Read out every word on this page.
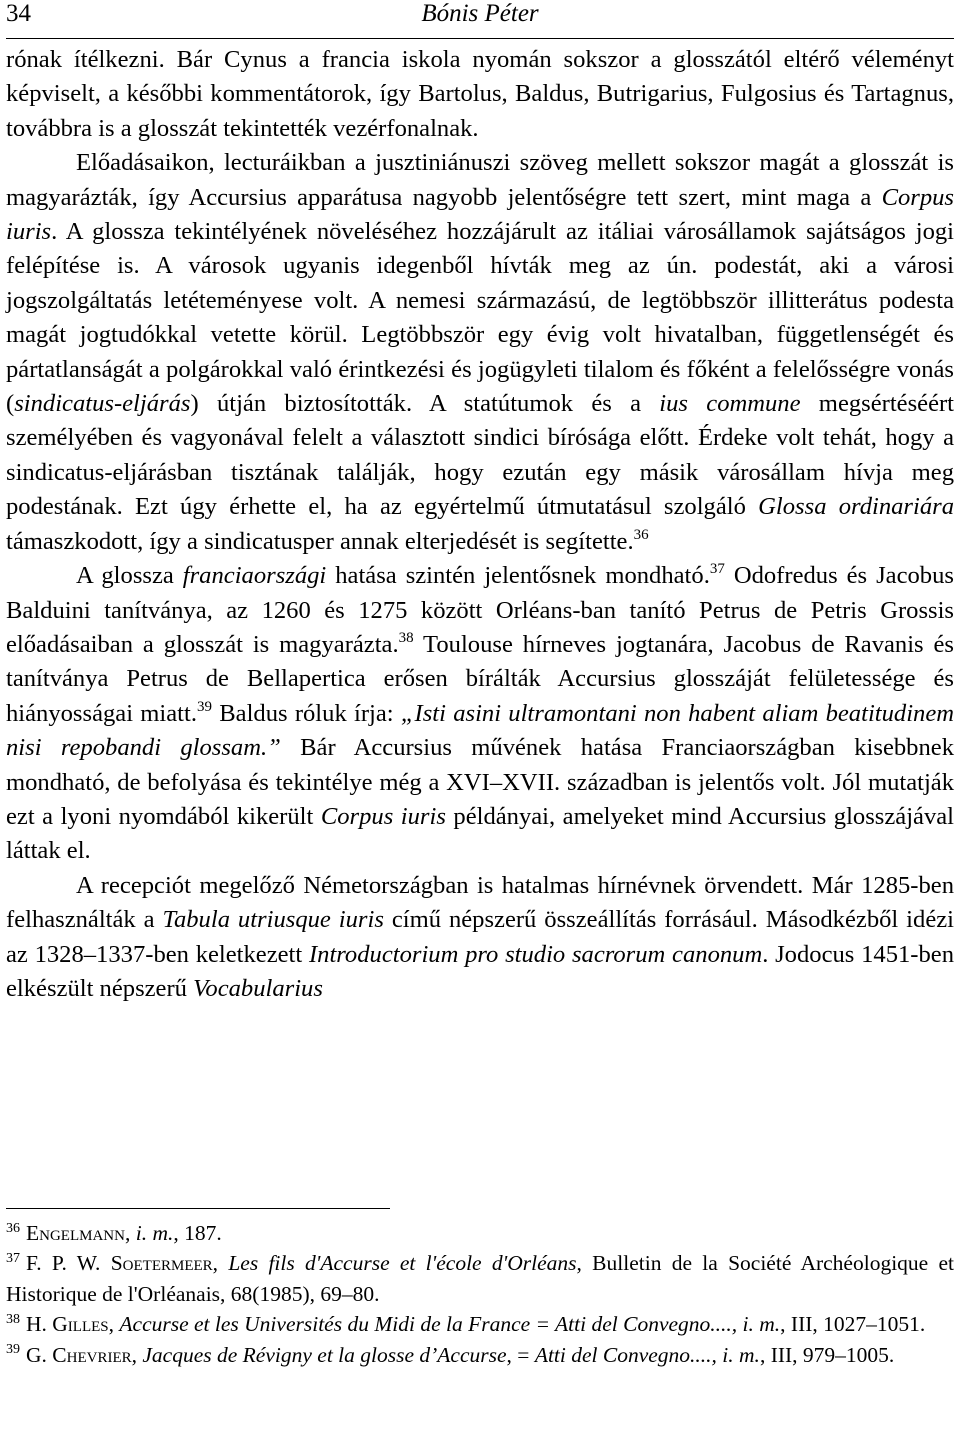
34	Bónis Péter

rónak ítélkezni. Bár Cynus a francia iskola nyomán sokszor a glosszától eltérő véleményt képviselt, a későbbi kommentátorok, így Bartolus, Baldus, Butrigarius, Fulgosius és Tartagnus, továbbra is a glosszát tekintették vezérfonalnak.

Előadásaikon, lecturáikban a jusztiniánuszi szöveg mellett sokszor magát a glosszát is magyarázták, így Accursius apparátusa nagyobb jelentőségre tett szert, mint maga a Corpus iuris. A glossza tekintélyének növeléséhez hozzájárult az itáliai városállamok sajátságos jogi felépítése is. A városok ugyanis idegenből hívták meg az ún. podestát, aki a városi jogszolgáltatás letéteményese volt. A nemesi származású, de legtöbbször illitterátus podesta magát jogtudókkal vetette körül. Legtöbbször egy évig volt hivatalban, függetlenségét és pártatlanságát a polgárokkal való érintkezési és jogügyleti tilalom és főként a felelősségre vonás (sindicatus-eljárás) útján biztosították. A statútumok és a ius commune megsértéséért személyében és vagyonával felelt a választott sindici bírósága előtt. Érdeke volt tehát, hogy a sindicatus-eljárásban tisztának találják, hogy ezután egy másik városállam hívja meg podestának. Ezt úgy érhette el, ha az egyértelmű útmutatásul szolgáló Glossa ordinariára támaszkodott, így a sindicatusper annak elterjedését is segítette.$^{36}$

A glossza franciaországi hatása szintén jelentősnek mondható.$^{37}$ Odofredus és Jacobus Balduini tanítványa, az 1260 és 1275 között Orléans-ban tanító Petrus de Petris Grossis előadásaiban a glosszát is magyarázta.$^{38}$ Toulouse hírneves jogtanára, Jacobus de Ravanis és tanítványa Petrus de Bellapertica erősen bírálták Accursius glosszáját felületessége és hiányosságai miatt.$^{39}$ Baldus róluk írja: „Isti asini ultramontani non habent aliam beatitudinem nisi repobandi glossam.” Bár Accursius művének hatása Franciaországban kisebbnek mondható, de befolyása és tekintélye még a XVI–XVII. században is jelentős volt. Jól mutatják ezt a lyoni nyomdából kikerült Corpus iuris példányai, amelyeket mind Accursius glosszájával láttak el.

A recepciót megelőző Németországban is hatalmas hírnévnek örvendett. Már 1285-ben felhasználták a Tabula utriusque iuris című népszerű összeállítás forrásául. Másodkézből idézi az 1328–1337-ben keletkezett Introductorium pro studio sacrorum canonum. Jodocus 1451-ben elkészült népszerű Vocabularius

$^{36}$ Engelmann, i. m., 187.

$^{37}$ F. P. W. Soetermeer, Les fils d'Accurse et l'école d'Orléans, Bulletin de la Société Archéologique et Historique de l'Orléanais, 68(1985), 69–80.

$^{38}$ H. Gilles, Accurse et les Universités du Midi de la France = Atti del Convegno...., i. m., III, 1027–1051.

$^{39}$ G. Chevrier, Jacques de Révigny et la glosse d’Accurse, = Atti del Convegno...., i. m., III, 979–1005.
